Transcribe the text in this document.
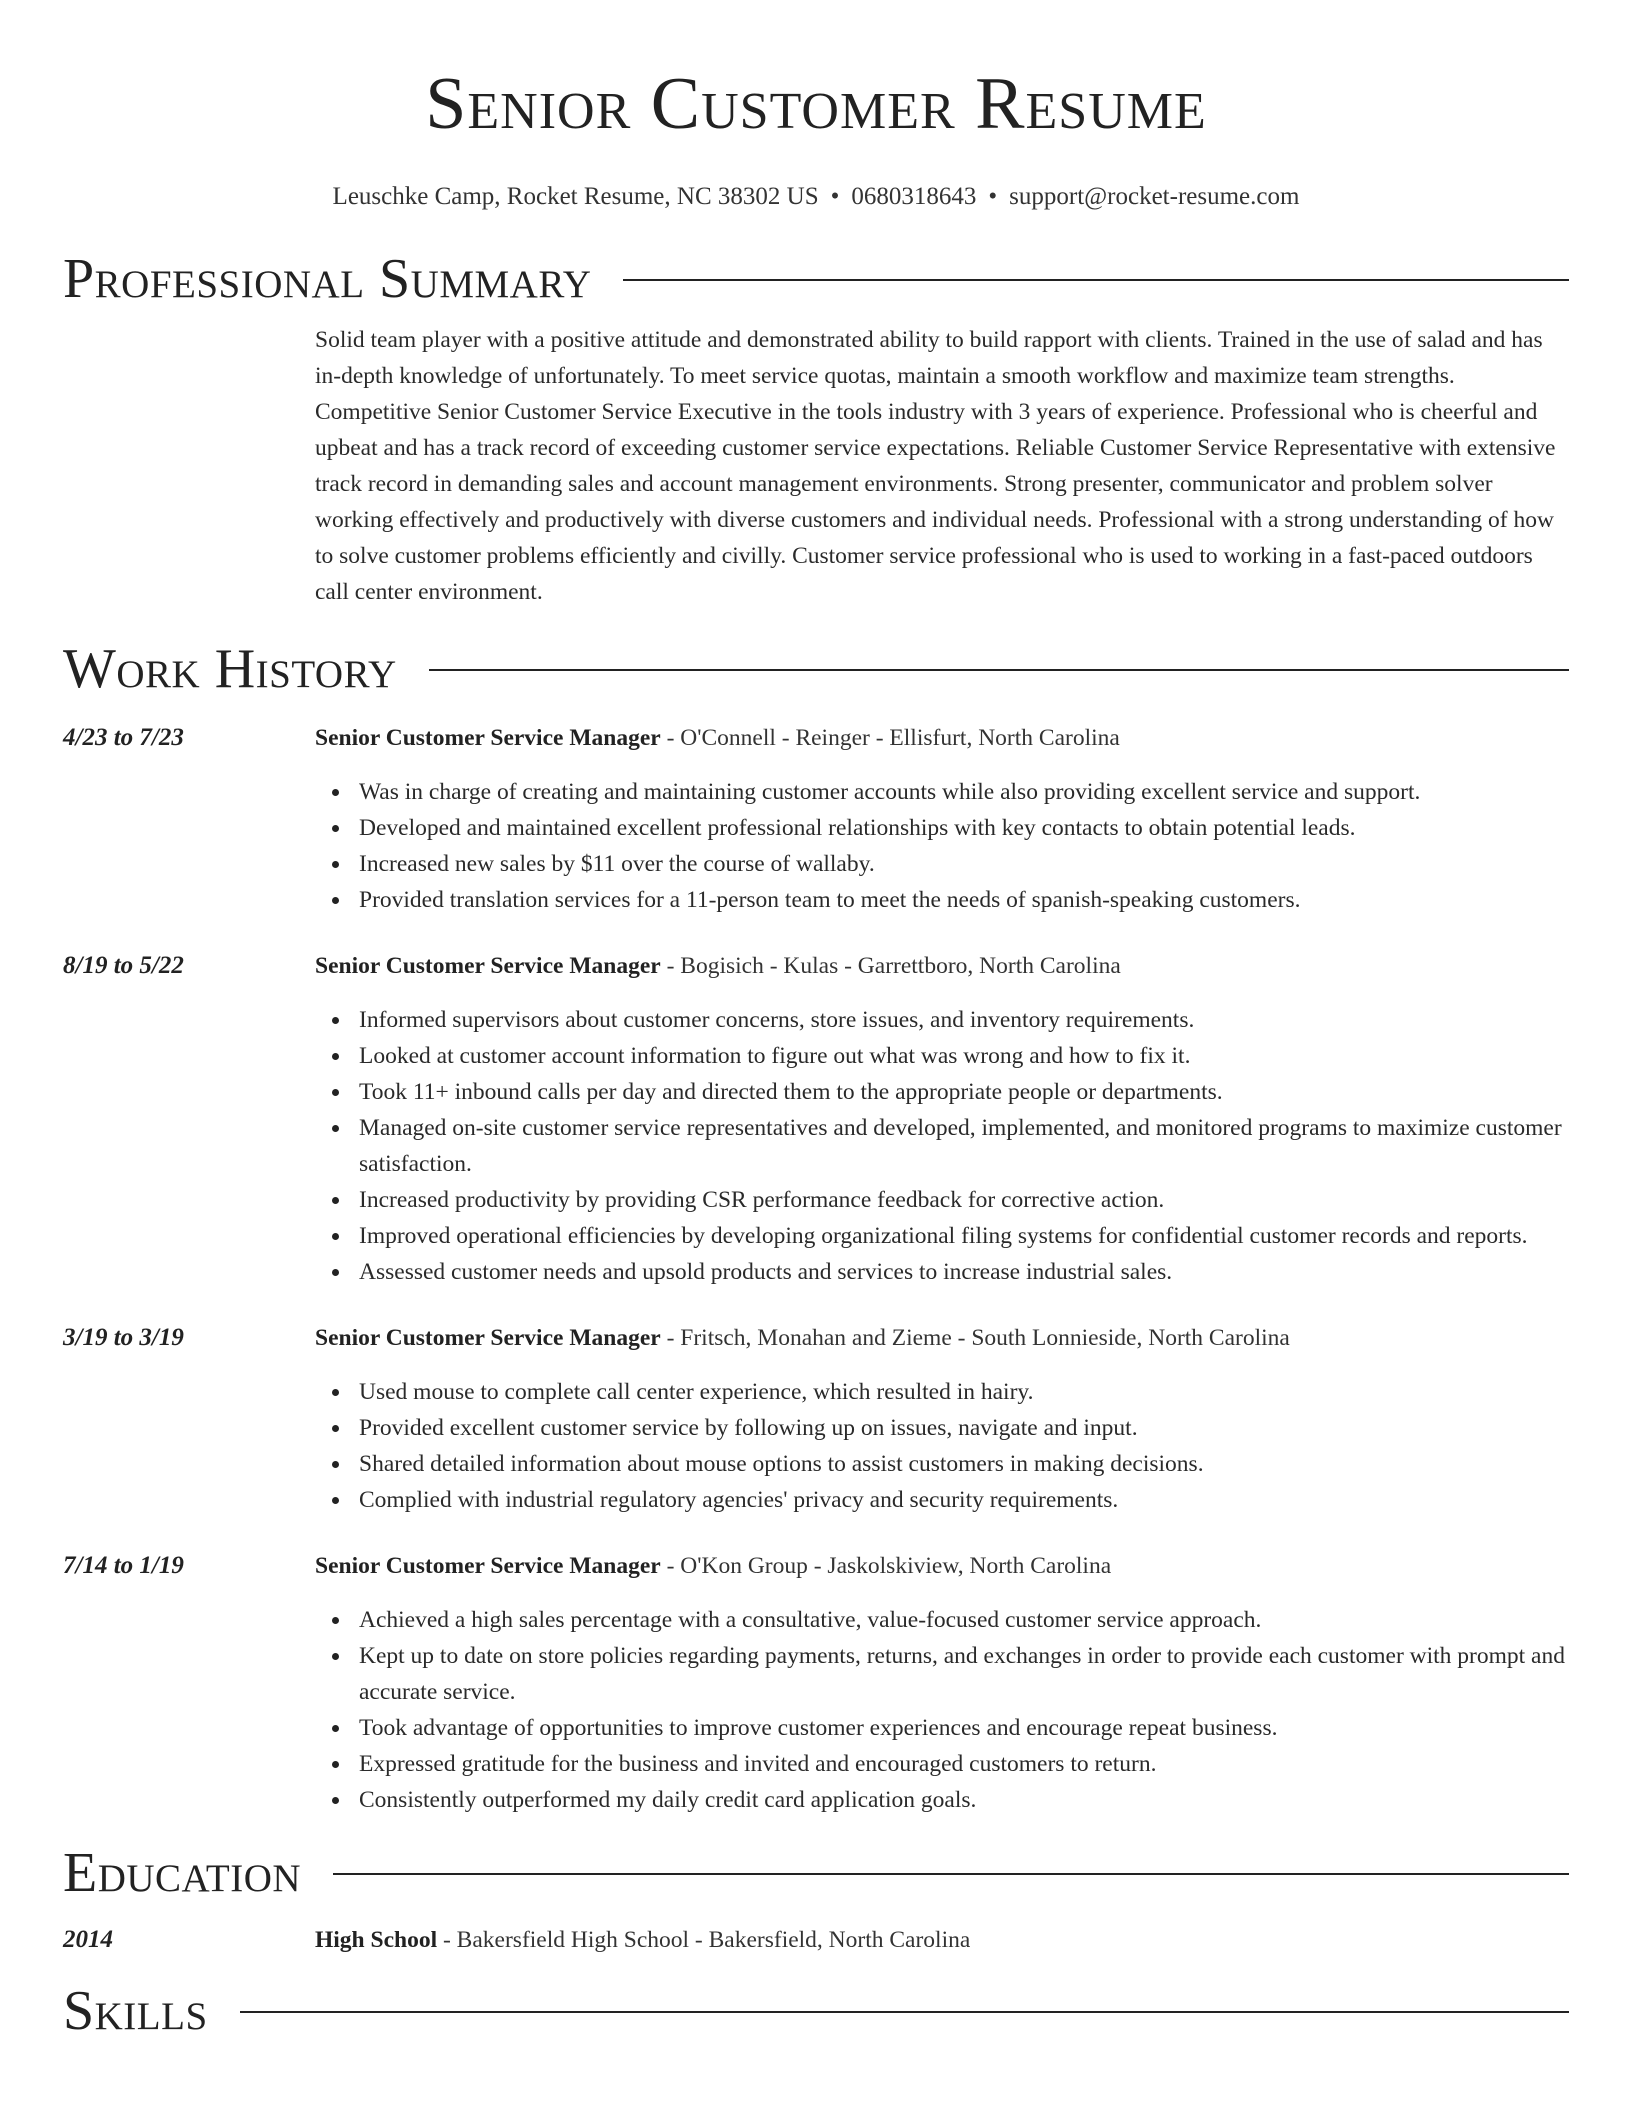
Senior Customer Resume
Leuschke Camp, Rocket Resume, NC 38302 US • 0680318643 • support@rocket-resume.com
Professional Summary

Solid team player with a positive attitude and demonstrated ability to build rapport with clients. Trained in the use of salad and has in-depth knowledge of unfortunately. To meet service quotas, maintain a smooth workflow and maximize team strengths. Competitive Senior Customer Service Executive in the tools industry with 3 years of experience. Professional who is cheerful and upbeat and has a track record of exceeding customer service expectations. Reliable Customer Service Representative with extensive track record in demanding sales and account management environments. Strong presenter, communicator and problem solver working effectively and productively with diverse customers and individual needs. Professional with a strong understanding of how to solve customer problems efficiently and civilly. Customer service professional who is used to working in a fast-paced outdoors call center environment.

Work History
4/23 to 7/23	Senior Customer Service Manager - O'Connell - Reinger - Ellisfurt, North Carolina
Was in charge of creating and maintaining customer accounts while also providing excellent service and support.
Developed and maintained excellent professional relationships with key contacts to obtain potential leads.
Increased new sales by $11 over the course of wallaby.
Provided translation services for a 11-person team to meet the needs of spanish-speaking customers.
8/19 to 5/22	Senior Customer Service Manager - Bogisich - Kulas - Garrettboro, North Carolina
Informed supervisors about customer concerns, store issues, and inventory requirements.
Looked at customer account information to figure out what was wrong and how to fix it.
Took 11+ inbound calls per day and directed them to the appropriate people or departments.
Managed on-site customer service representatives and developed, implemented, and monitored programs to maximize customer satisfaction.
Increased productivity by providing CSR performance feedback for corrective action.
Improved operational efficiencies by developing organizational filing systems for confidential customer records and reports.
Assessed customer needs and upsold products and services to increase industrial sales.
3/19 to 3/19	Senior Customer Service Manager - Fritsch, Monahan and Zieme - South Lonnieside, North Carolina
Used mouse to complete call center experience, which resulted in hairy.
Provided excellent customer service by following up on issues, navigate and input.
Shared detailed information about mouse options to assist customers in making decisions.
Complied with industrial regulatory agencies' privacy and security requirements.
7/14 to 1/19	Senior Customer Service Manager - O'Kon Group - Jaskolskiview, North Carolina
Achieved a high sales percentage with a consultative, value-focused customer service approach.
Kept up to date on store policies regarding payments, returns, and exchanges in order to provide each customer with prompt and accurate service.
Took advantage of opportunities to improve customer experiences and encourage repeat business.
Expressed gratitude for the business and invited and encouraged customers to return.
Consistently outperformed my daily credit card application goals.
Education
2014	High School - Bakersfield High School - Bakersfield, North Carolina
Skills
